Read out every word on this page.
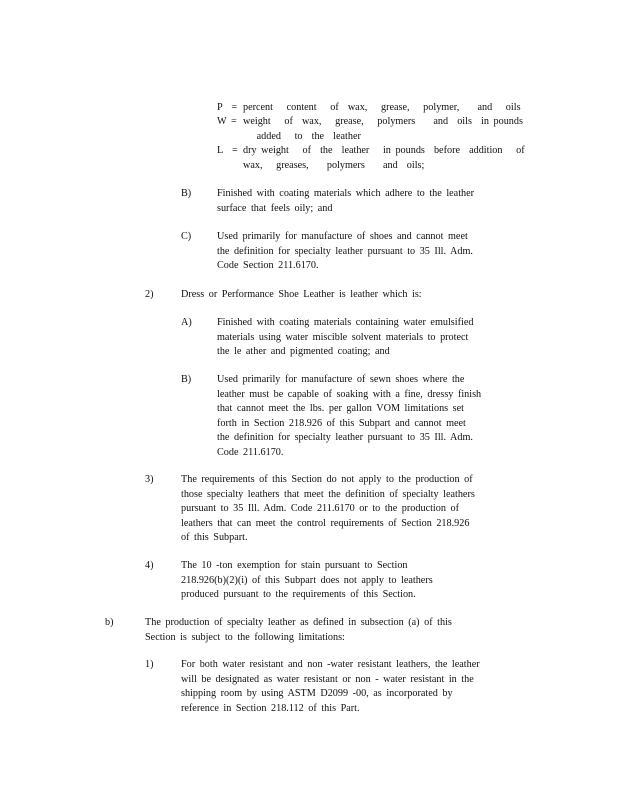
P  = percent   content   of  wax,   grease,   polymer,    and   oils
W = weight   of  wax,   grease,   polymers    and  oils  in pounds
added   to  the  leather
L  = dry weight   of  the  leather   in pounds  before  addition   of
wax,   greases,    polymers    and  oils;
B)	Finished with coating materials which adhere to the leather
surface that feels oily; and
C)	Used primarily for manufacture of shoes and cannot meet
the definition for specialty leather pursuant to 35 Ill. Adm.
Code Section 211.6170.
2)	Dress or Performance Shoe Leather is leather which is:
A) Finished with coating materials containing water emulsified
materials using water miscible solvent materials to protect
the le ather and pigmented coating; and
B)	Used primarily for manufacture of sewn shoes where the
leather must be capable of soaking with a fine, dressy finish
that cannot meet the lbs. per gallon VOM limitations set
forth in Section 218.926 of this Subpart and cannot meet
the definition for specialty leather pursuant to 35 Ill. Adm.
Code 211.6170.
3)	The requirements of this Section do not apply to the production of
those specialty leathers that meet the definition of specialty leathers
pursuant to 35 Ill. Adm. Code 211.6170 or to the production of
leathers that can meet the control requirements of Section 218.926
of this Subpart.
4)	The 10 -ton exemption for stain pursuant to Section
218.926(b)(2)(i) of this Subpart does not apply to leathers
produced pursuant to the requirements of this Section.
b)	The production of specialty leather as defined in subsection (a) of this
Section is subject to the following limitations:
1)	For both water resistant and non -water resistant leathers, the leather
will be designated as water resistant or non - water resistant in the
shipping room by using ASTM D2099 -00, as incorporated by
reference in Section 218.112 of this Part.
